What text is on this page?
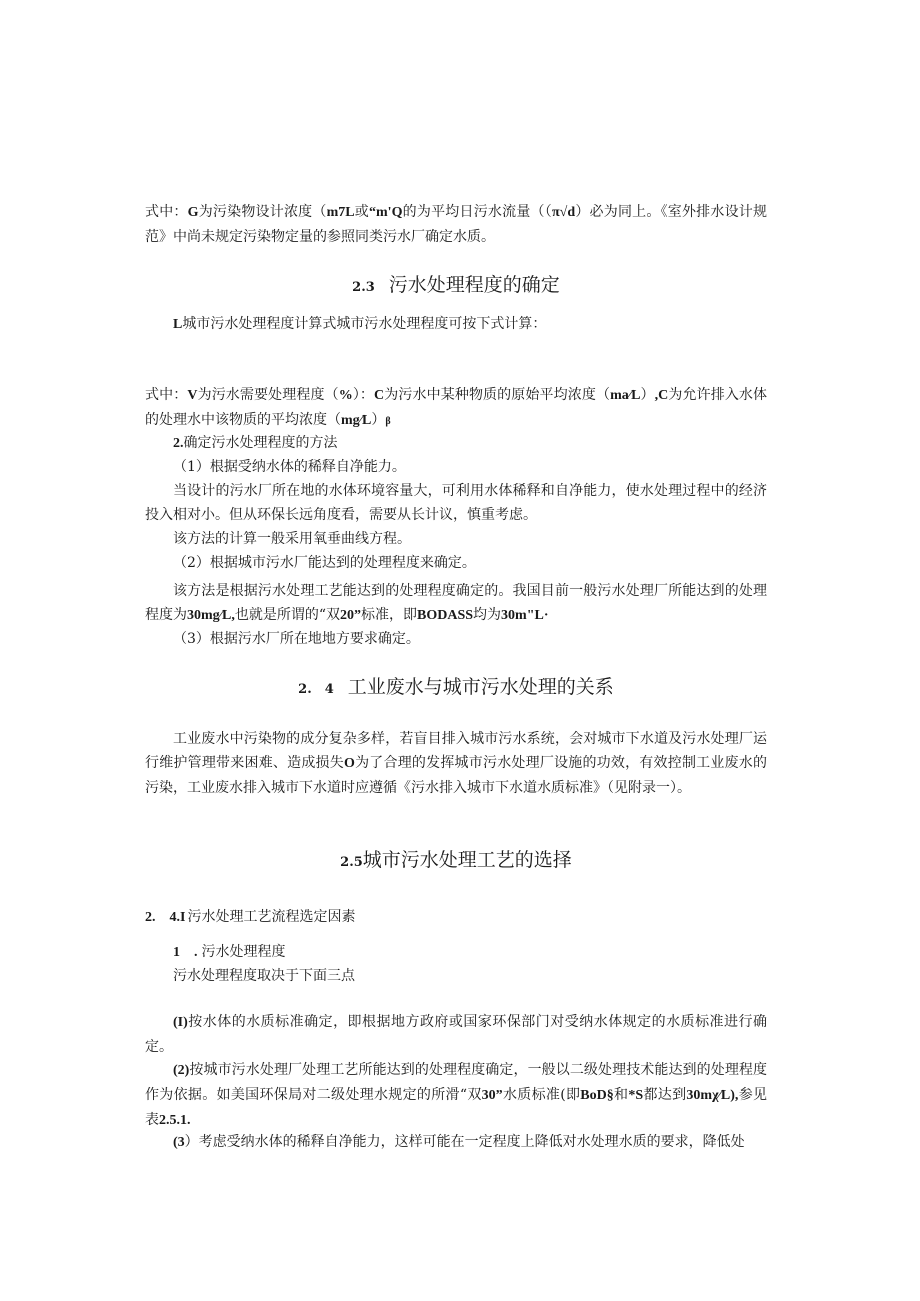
式中：G为污染物设计浓度（m7L或“m'Q的为平均日污水流量（（π√d）必为同上。《室外排水设计规范》中尚未规定污染物定量的参照同类污水厂确定水质。

2.3 污水处理程度的确定

L城市污水处理程度计算式城市污水处理程度可按下式计算：

式中：V为污水需要处理程度（%）：C为污水中某种物质的原始平均浓度（ma∕L）,C为允许排入水体的处理水中该物质的平均浓度（mg∕L）β

2.确定污水处理程度的方法

（1）根据受纳水体的稀释自净能力。

当设计的污水厂所在地的水体环境容量大，可利用水体稀释和自净能力，使水处理过程中的经济投入相对小。但从环保长远角度看，需要从长计议，慎重考虑。

该方法的计算一般采用氧垂曲线方程。

（2）根据城市污水厂能达到的处理程度来确定。

该方法是根据污水处理工艺能达到的处理程度确定的。我国目前一般污水处理厂所能达到的处理程度为30mg∕L,也就是所谓的“双20”标准，即BODASS均为30m"L·

（3）根据污水厂所在地地方要求确定。

2.　4 工业废水与城市污水处理的关系

工业废水中污染物的成分复杂多样，若盲目排入城市污水系统，会对城市下水道及污水处理厂运行维护管理带来困难、造成损失O为了合理的发挥城市污水处理厂设施的功效，有效控制工业废水的污染，工业废水排入城市下水道时应遵循《污水排入城市下水道水质标准》（见附录一）。

2.5城市污水处理工艺的选择

2.　4.I 污水处理工艺流程选定因素

1　. 污水处理程度

污水处理程度取决于下面三点

(I)按水体的水质标准确定，即根据地方政府或国家环保部门对受纳水体规定的水质标准进行确定。

(2)按城市污水处理厂处理工艺所能达到的处理程度确定，一般以二级处理技术能达到的处理程度作为依据。如美国环保局对二级处理水规定的所滑“双30”水质标准(即BoD§和*S都达到30mχ∕L),参见表2.5.1.

(3）考虑受纳水体的稀释自净能力，这样可能在一定程度上降低对水处理水质的要求，降低处
